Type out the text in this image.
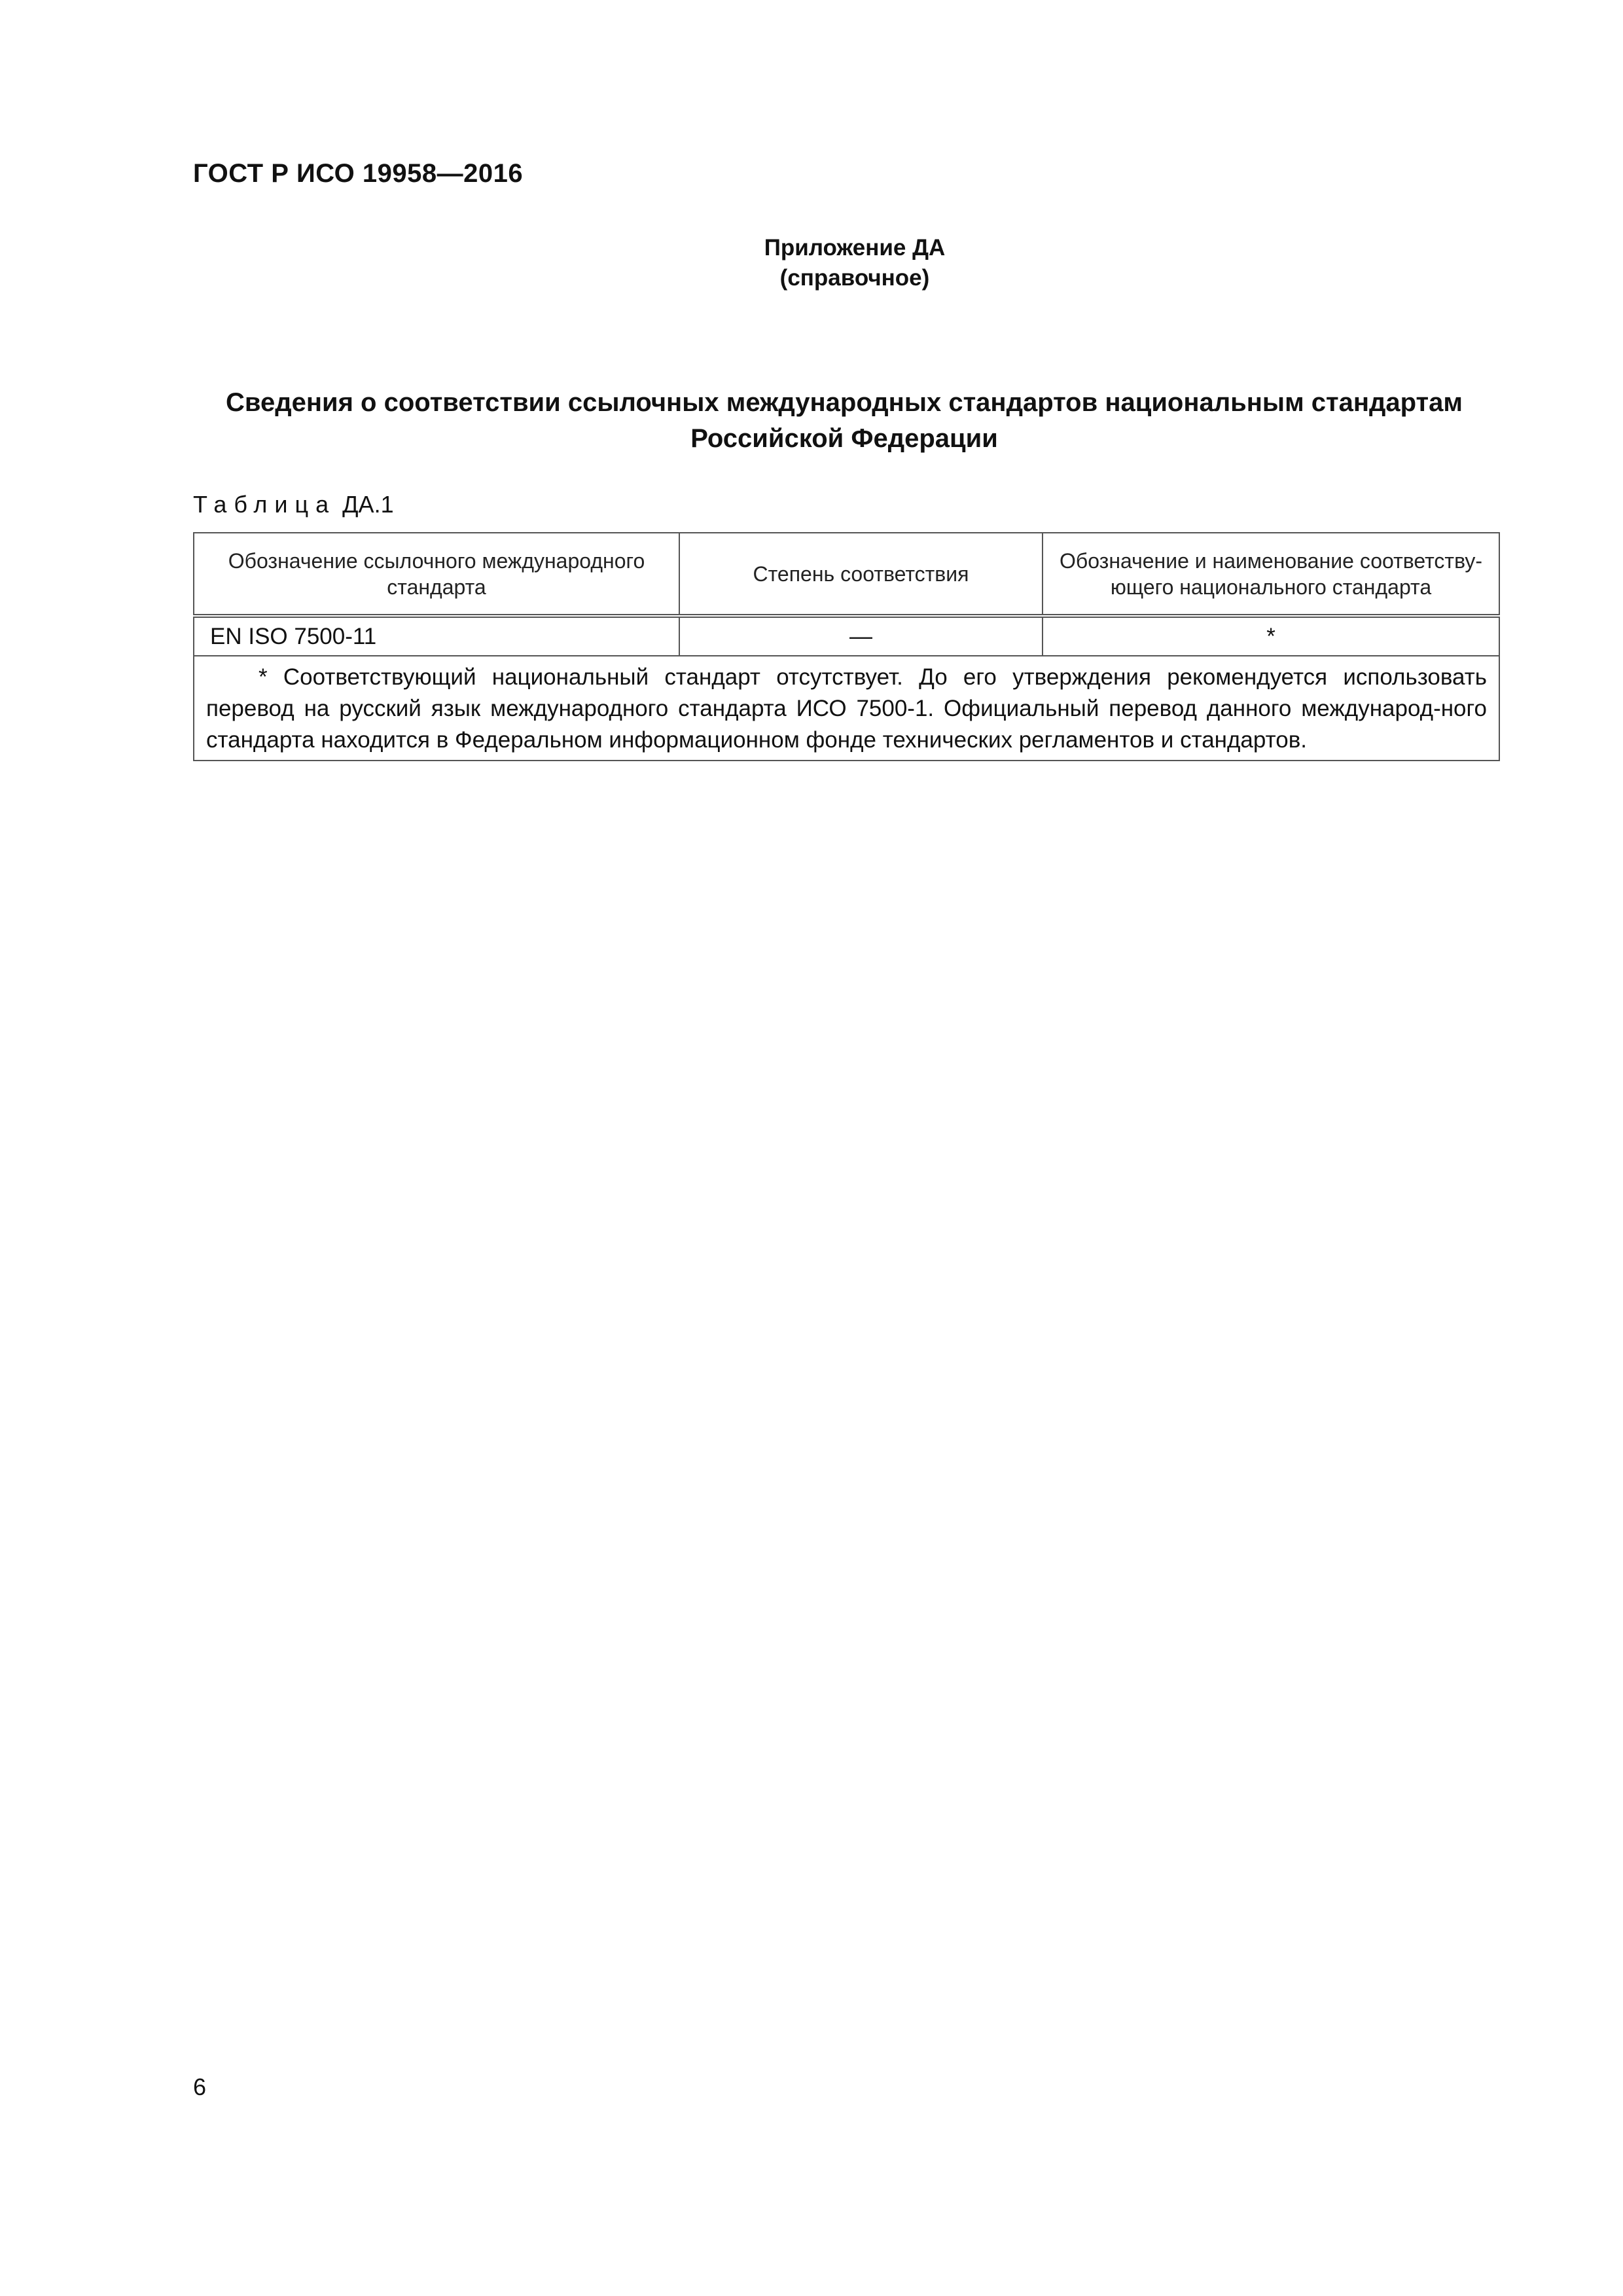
ГОСТ Р ИСО 19958—2016
Приложение ДА
(справочное)
Сведения о соответствии ссылочных международных стандартов национальным стандартам
Российской Федерации
Таблица ДА.1
Обозначение ссылочного международного стандарта	Степень соответствия	Обозначение и наименование соответству-ющего национального стандарта
EN ISO 7500-11	—	*
* Соответствующий национальный стандарт отсутствует. До его утверждения рекомендуется использовать перевод на русский язык международного стандарта ИСО 7500-1. Официальный перевод данного международ-ного стандарта находится в Федеральном информационном фонде технических регламентов и стандартов.		
6
